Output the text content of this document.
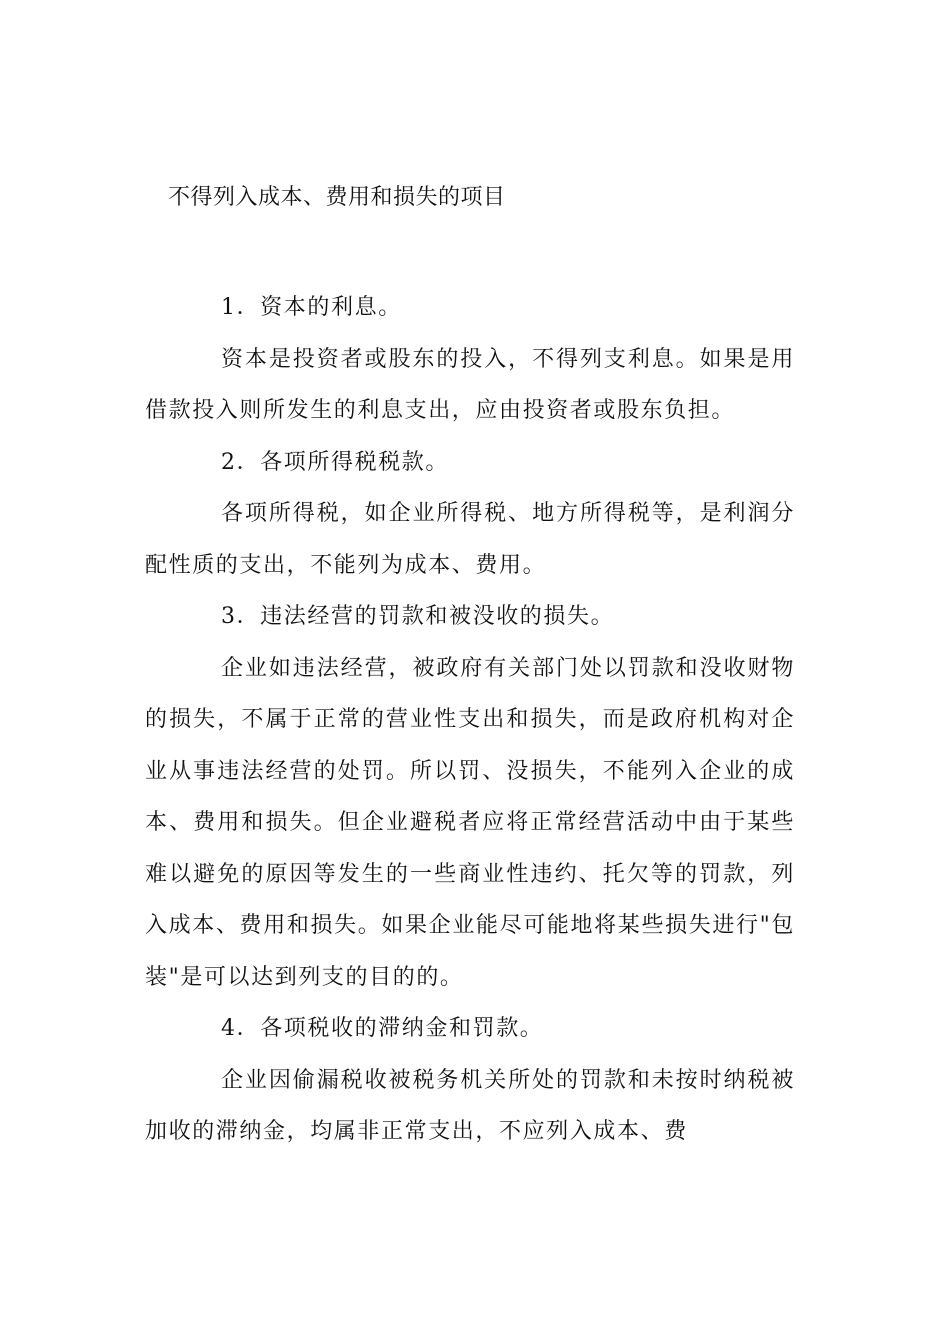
不得列入成本、费用和损失的项目

1．资本的利息。

资本是投资者或股东的投入，不得列支利息。如果是用借款投入则所发生的利息支出，应由投资者或股东负担。

2．各项所得税税款。

各项所得税，如企业所得税、地方所得税等，是利润分配性质的支出，不能列为成本、费用。

3．违法经营的罚款和被没收的损失。

企业如违法经营，被政府有关部门处以罚款和没收财物的损失，不属于正常的营业性支出和损失，而是政府机构对企业从事违法经营的处罚。所以罚、没损失，不能列入企业的成本、费用和损失。但企业避税者应将正常经营活动中由于某些难以避免的原因等发生的一些商业性违约、托欠等的罚款，列入成本、费用和损失。如果企业能尽可能地将某些损失进行"包装"是可以达到列支的目的的。

4．各项税收的滞纳金和罚款。

企业因偷漏税收被税务机关所处的罚款和未按时纳税被加收的滞纳金，均属非正常支出，不应列入成本、费
